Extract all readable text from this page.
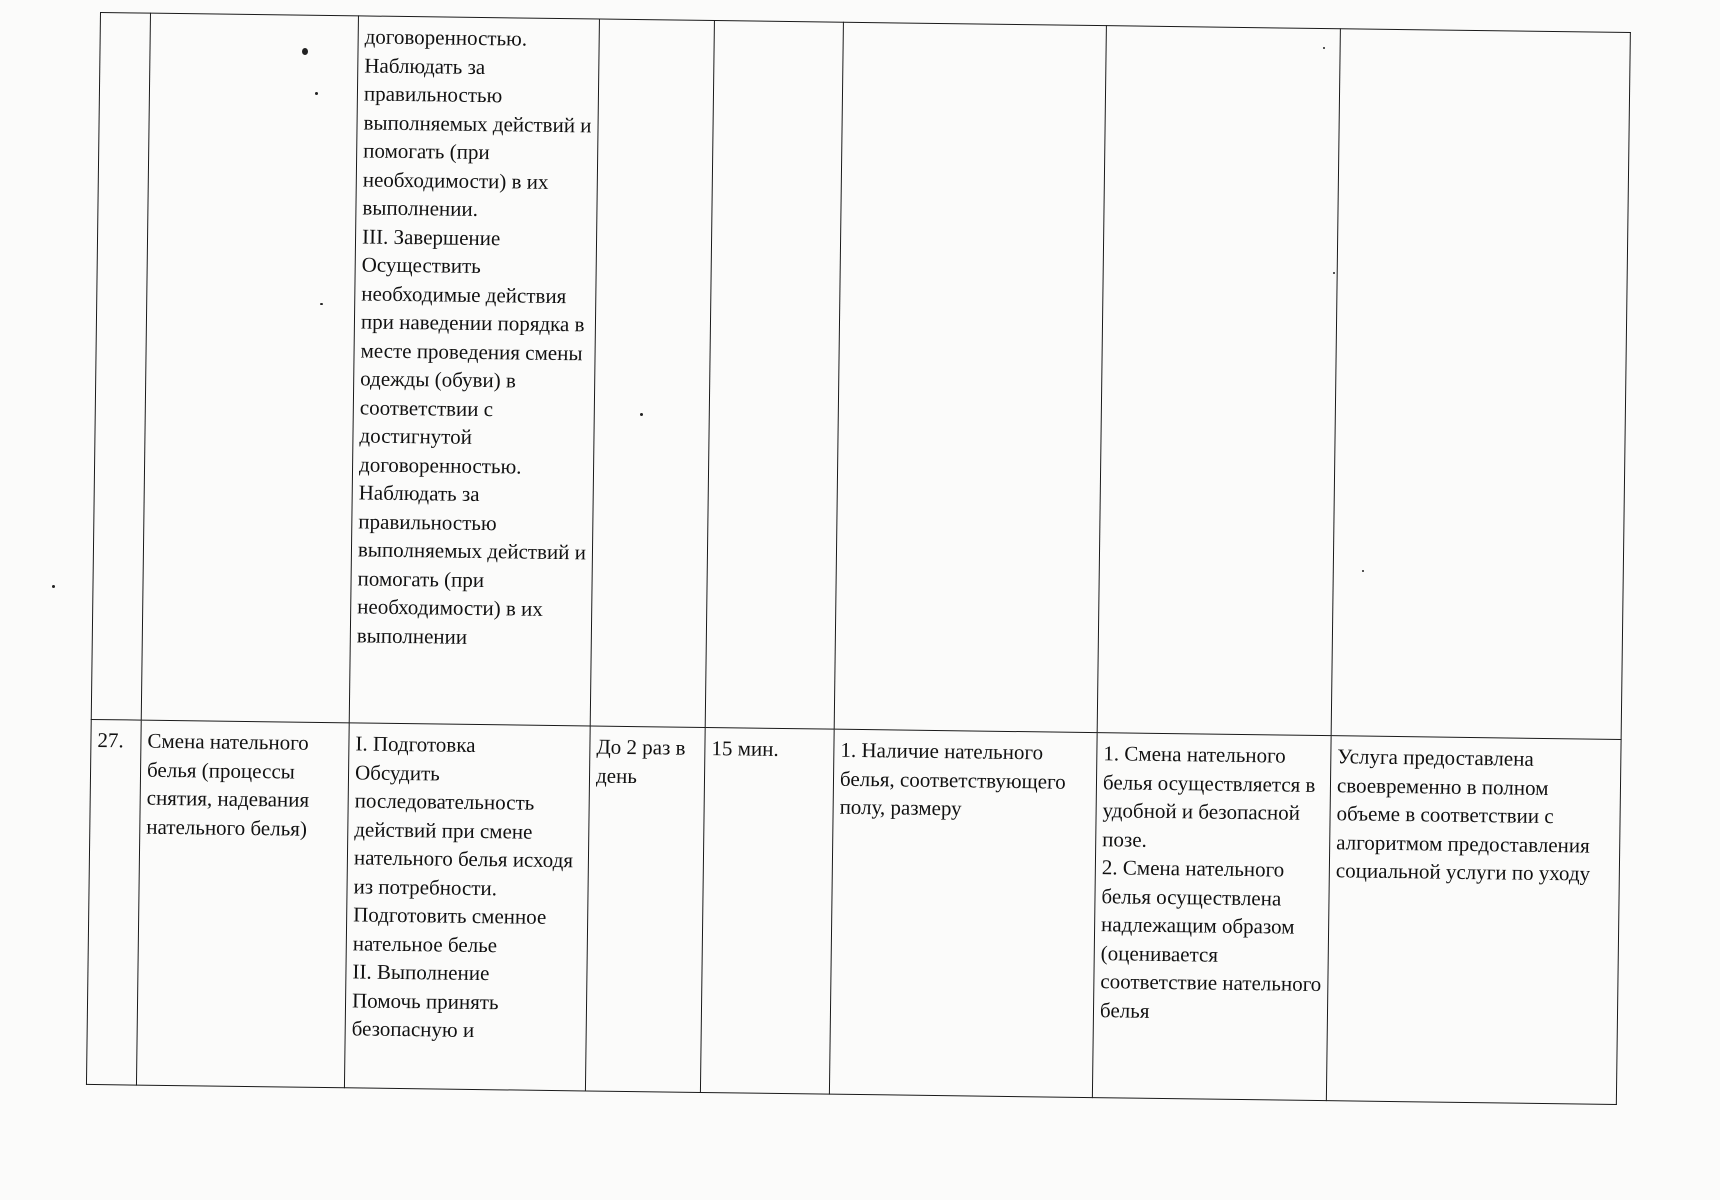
		договоренностью.
Наблюдать за правильностью выполняемых действий и помогать (при необходимости) в их выполнении.
III. Завершение
Осуществить необходимые действия при наведении порядка в месте проведения смены одежды (обуви) в соответствии с достигнутой договоренностью.
Наблюдать за правильностью выполняемых действий и помогать (при необходимости) в их выполнении					
27.	Смена нательного белья (процессы снятия, надевания нательного белья)	I. Подготовка
Обсудить последовательность действий при смене нательного белья исходя из потребности.
Подготовить сменное нательное белье
II. Выполнение
Помочь принять безопасную и	До 2 раз в день	15 мин.	1. Наличие нательного белья, соответствующего полу, размеру	1. Смена нательного белья осуществляется в удобной и безопасной позе.
2. Смена нательного белья осуществлена надлежащим образом (оценивается соответствие нательного белья	Услуга предоставлена своевременно в полном объеме в соответствии с алгоритмом предоставления социальной услуги по уходу
